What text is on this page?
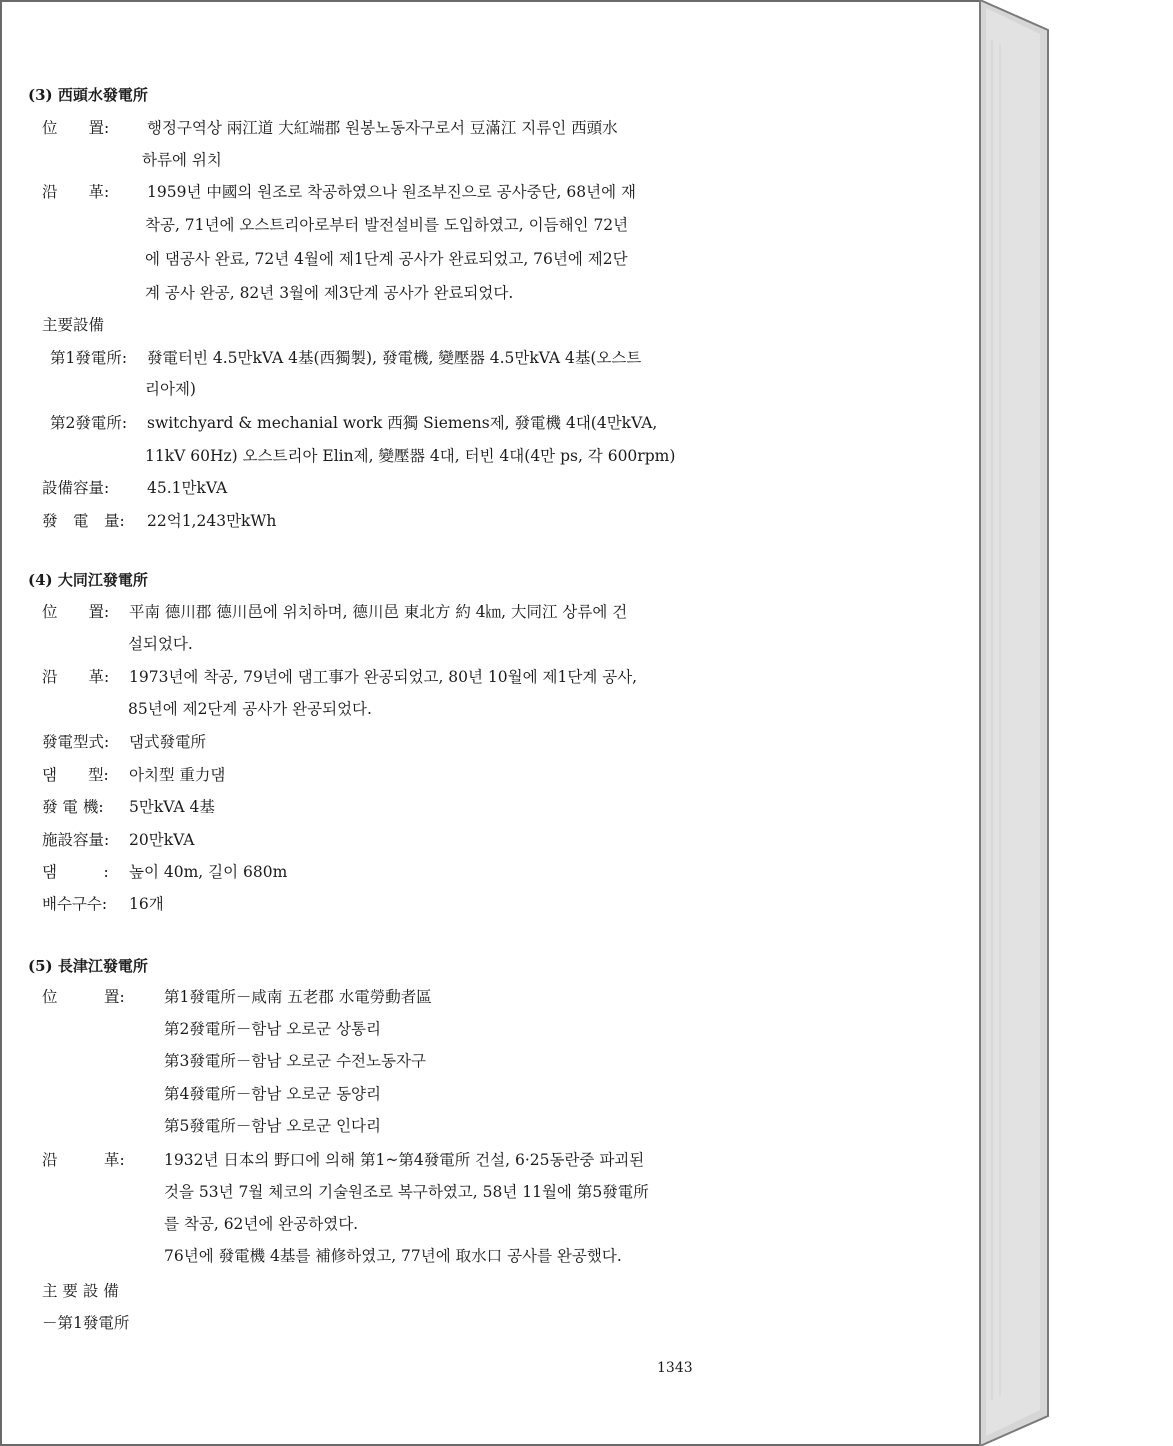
(3) 西頭水發電所
位　　置: 행정구역상 兩江道 大紅端郡 원봉노동자구로서 豆滿江 지류인 西頭水
하류에 위치
沿　　革: 1959년 中國의 원조로 착공하였으나 원조부진으로 공사중단, 68년에 재
착공, 71년에 오스트리아로부터 발전설비를 도입하였고, 이듬해인 72년
에 댐공사 완료, 72년 4월에 제1단계 공사가 완료되었고, 76년에 제2단
계 공사 완공, 82년 3월에 제3단계 공사가 완료되었다.
主要設備
第1發電所: 發電터빈 4.5만kVA 4基(西獨製), 發電機, 變壓器 4.5만kVA 4基(오스트
리아제)
第2發電所: switchyard & mechanial work 西獨 Siemens제, 發電機 4대(4만kVA,
11kV 60Hz) 오스트리아 Elin제, 變壓器 4대, 터빈 4대(4만 ps, 각 600rpm)
設備容量: 45.1만kVA
發　電　量: 22억1,243만kWh
(4) 大同江發電所
位　　置: 平南 德川郡 德川邑에 위치하며, 德川邑 東北方 約 4㎞, 大同江 상류에 건
설되었다.
沿　　革: 1973년에 착공, 79년에 댐工事가 완공되었고, 80년 10월에 제1단계 공사,
85년에 제2단계 공사가 완공되었다.
發電型式: 댐式發電所
댐　　型: 아치型 重力댐
發 電 機: 5만kVA 4基
施設容量: 20만kVA
댐　　　: 높이 40m, 길이 680m
배수구수: 16개
(5) 長津江發電所
位　　　置:	第1發電所－咸南 五老郡 水電勞動者區
第2發電所－함남 오로군 상통리
第3發電所－함남 오로군 수전노동자구
第4發電所－함남 오로군 동양리
第5發電所－함남 오로군 인다리
沿　　　革:	1932년 日本의 野口에 의해 第1~第4發電所 건설, 6·25동란중 파괴된
것을 53년 7월 체코의 기술원조로 복구하였고, 58년 11월에 第5發電所
를 착공, 62년에 완공하였다.
76년에 發電機 4基를 補修하였고, 77년에 取水口 공사를 완공했다.
主 要 設 備
－第1發電所
1343
